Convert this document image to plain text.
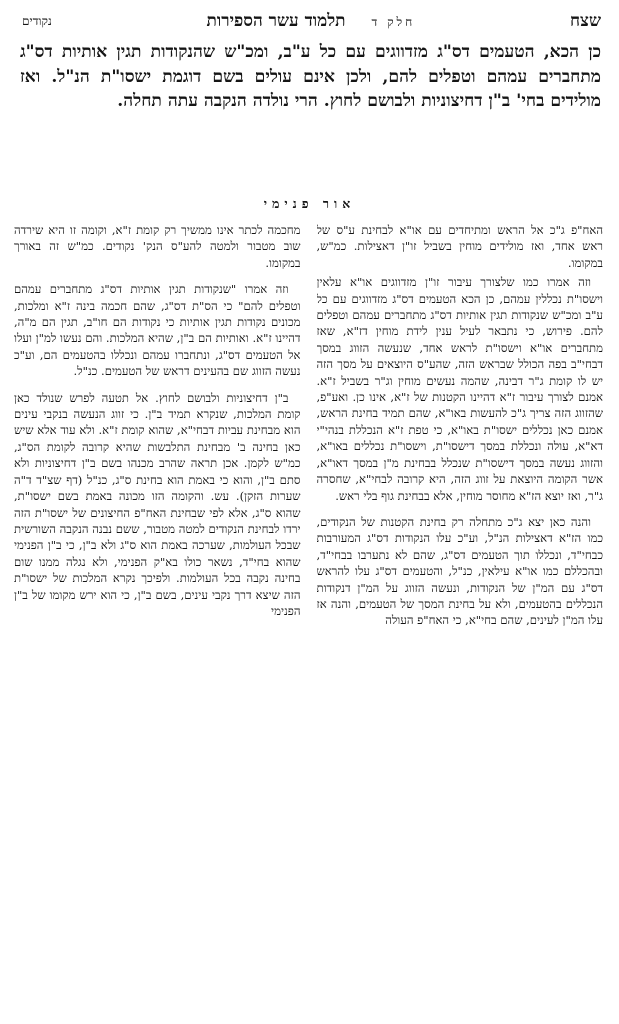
שצח
חלק ד
תלמוד עשר הספירות
נקודים
כן הכא, הטעמים דס"ג מזדווגים עם כל ע"ב, ומכ"ש שהנקודות תגין אותיות דס"ג מתחברים עמהם וטפלים להם, ולכן אינם עולים בשם דוגמת ישסו"ת הנ"ל. ואז מולידים בחי' ב"ן דחיצוניות ולבושם לחוץ. הרי נולדה הנקבה עתה תחלה.
אור פנימי

האח"פ ג"כ אל הראש ומתיחדים עם או"א לבחינת ע"ס של ראש אחד, ואז מולידים מוחין בשביל זו"ן דאצילות. כמ"ש, במקומו.

וזה אמרו כמו שלצורך עיבור זו"ן מזדווגים או"א עלאין וישסו"ת נכללין עמהם, כן הכא הטעמים דס"ג מזדווגים עם כל ע"ב ומכ"ש שנקודות תגין אותיות דס"ג מתחברים עמהם וטפלים להם. פירוש, כי נתבאר לעיל ענין לידת מוחין דז"א, שאז מתחברים או"א וישסו"ת לראש אחד, שנעשה הזווג במסך דבחי"ב בפה הכולל שבראש הזה, שהע"ס היוצאים על מסך הזה יש לו קומת ג"ר דבינה, שהמה נעשים מוחין וג"ר בשביל ז"א. אמנם לצורך עיבור ז"א דהיינו הקטנות של ז"א, אינו כן. ואע"פ, שהזווג הזה צריך ג"כ להעשות באו"א, שהם תמיד בחינת הראש, אמנם כאן נכללים ישסו"ת באו"א, כי טפת ז"א הנכללת בנהי"י דא"א, עולה ונכללת במסך דישסו"ת, וישסו"ת נכללים באו"א, והזווג נעשה במסך דישסו"ת שנכלל בבחינת מ"ן במסך דאו"א, אשר הקומה היוצאת על זווג הזה, היא קרובה לבחי"א, שחסרה ג"ר, ואז יוצא הז"א מחוסר מוחין, אלא בבחינת גוף בלי ראש.

והנה כאן יצא ג"כ מתחלה רק בחינת הקטנות של הנקודים, כמו הז"א דאצילות הנ"ל, וע"כ עלו הנקודות דס"ג המעורבות כבחי"ד, ונכללו תוך הטעמים דס"ג, שהם לא נתערבו בבחי"ד, ובהכללם כמו או"א עילאין, כנ"ל, והטעמים דס"ג עלו להראש דס"ג עם המ"ן של הנקודות, ונעשה הזווג על המ"ן דנקודות הנכללים בהטעמים, ולא על בחינת המסך של הטעמים, והנה אז עלו המ"ן לעינים, שהם בחי"א, כי האח"פ העולה

מחכמה לכתר אינו ממשיך רק קומת ז"א, וקומה זו היא שירדה שוב מטבור ולמטה להע"ס הנק' נקודים. כמ"ש זה באורך במקומו.

וזה אמרו "שנקודות תגין אותיות דס"ג מתחברים עמהם וטפלים להם" כי הס"ת דס"ג, שהם חכמה בינה ז"א ומלכות, מכונים נקודות תגין אותיות כי נקודות הם חו"ב, תגין הם מ"ה, דהיינו ז"א. ואותיות הם ב"ן, שהיא המלכות. והם נעשו למ"ן ועלו אל הטעמים דס"ג, ונתחברו עמהם ונכללו בהטעמים הם, וע"כ נעשה הזווג שם בהעינים דראש של הטעמים. כנ"ל.

ב"ן דחיצוניות ולבושם לחוץ. אל תטעה לפרש שנולד כאן קומת המלכות, שנקרא תמיד ב"ן. כי זווג הנעשה בנקבי עינים הוא מבחינת עביות דבחי"א, שהוא קומת ז"א. ולא עוד אלא שיש כאן בחינה ב' מבחינת התלבשות שהיא קרובה לקומת הס"ג, כמ"ש לקמן. אכן תראה שהרב מכנהו בשם ב"ן דחיצוניות ולא סתם ב"ן, והוא כי באמת הוא בחינת ס"ג, כנ"ל (דף שצ"ד ד"ה שערות הזקן). עש. והקומה הזו מכונה באמת בשם ישסו"ת, שהוא ס"ג, אלא לפי שבחינת האח"פ החיצונים של ישסו"ת הזה ירדו לבחינת הנקודים למטה מטבור, ששם נבנה הנקבה השורשית שבכל העולמות, שערכה באמת הוא ס"ג ולא ב"ן, כי ב"ן הפנימי שהוא בחי"ד, נשאר כולו בא"ק הפנימי, ולא נגלה ממנו שום בחינה נקבה בכל העולמות. ולפיכך נקרא המלכות של ישסו"ת הזה שיצא דרך נקבי עינים, בשם ב"ן, כי הוא ירש מקומו של ב"ן הפנימי
